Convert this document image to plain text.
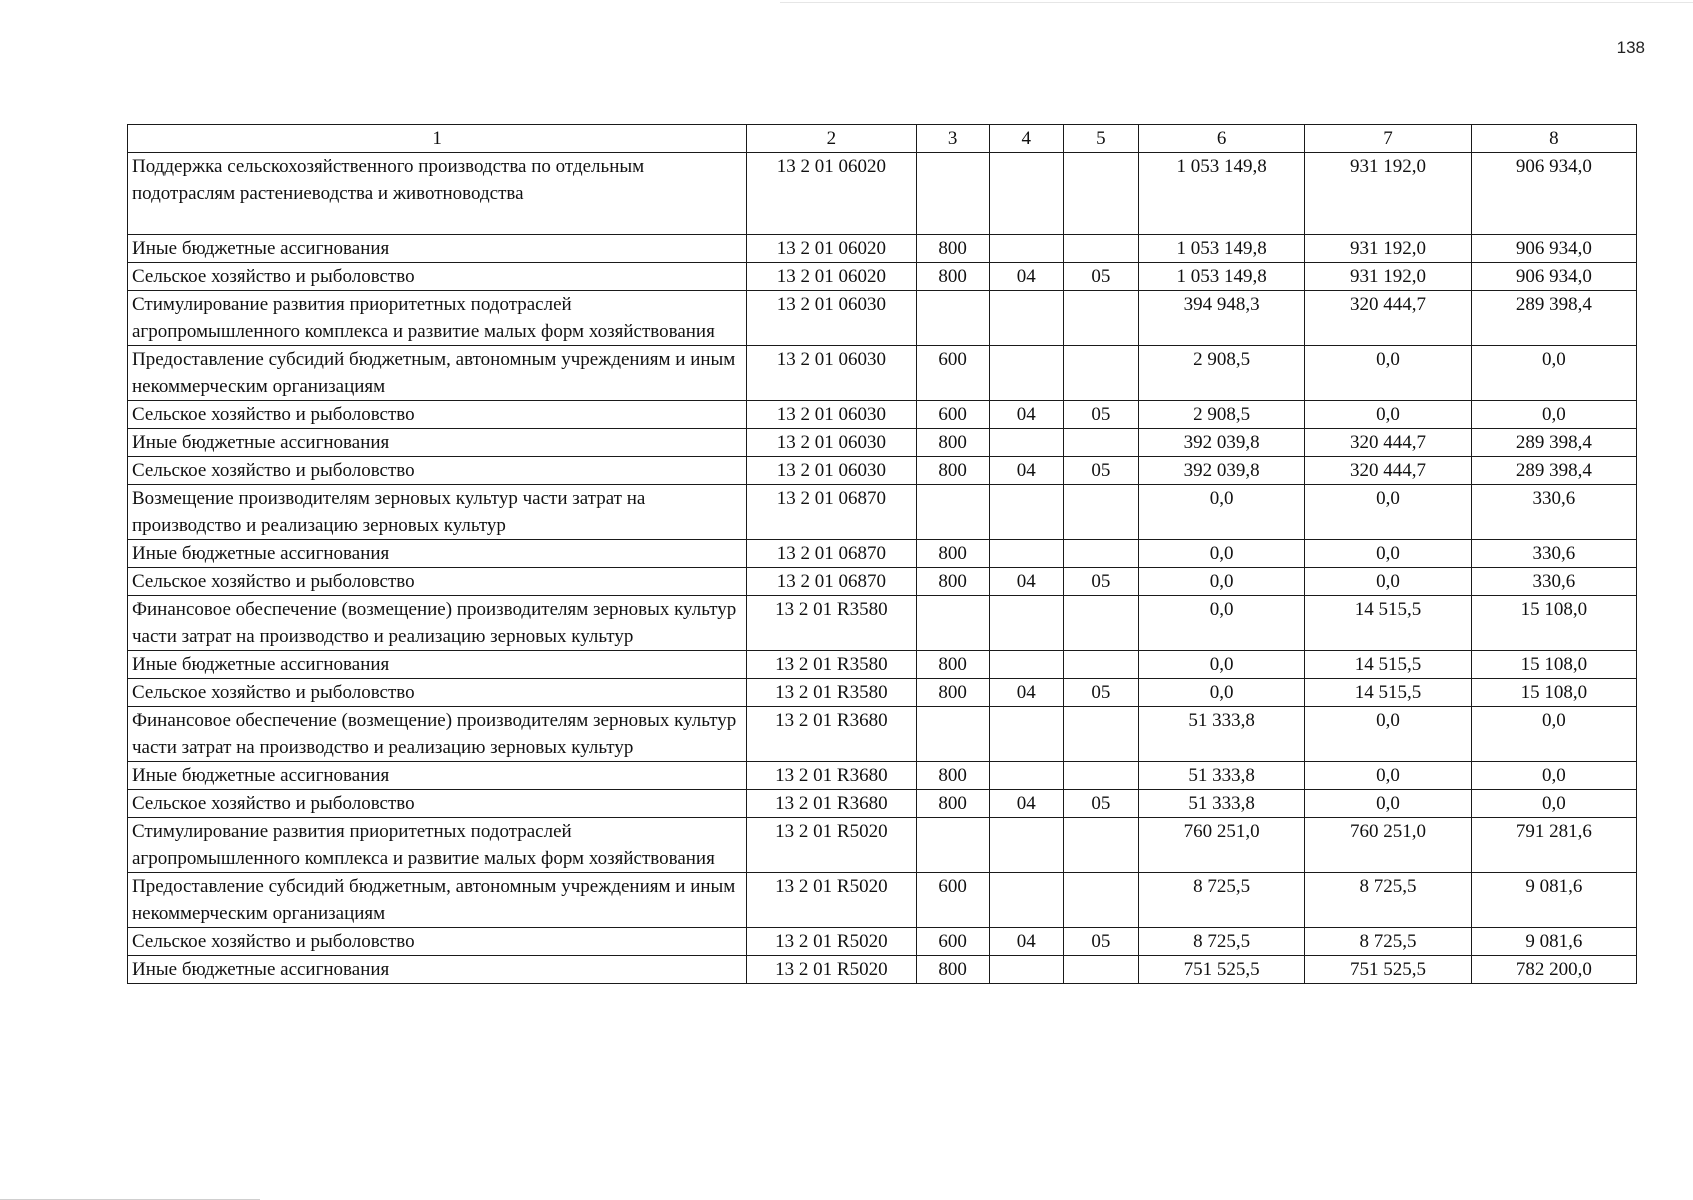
138
1	2	3	4	5	6	7	8
Поддержка сельскохозяйственного производства по отдельным подотраслям растениеводства и животноводства	13 2 01 06020				1 053 149,8	931 192,0	906 934,0
Иные бюджетные ассигнования	13 2 01 06020	800			1 053 149,8	931 192,0	906 934,0
Сельское хозяйство и рыболовство	13 2 01 06020	800	04	05	1 053 149,8	931 192,0	906 934,0
Стимулирование развития приоритетных подотраслей агропромышленного комплекса и развитие малых форм хозяйствования	13 2 01 06030				394 948,3	320 444,7	289 398,4
Предоставление субсидий бюджетным, автономным учреждениям и иным некоммерческим организациям	13 2 01 06030	600			2 908,5	0,0	0,0
Сельское хозяйство и рыболовство	13 2 01 06030	600	04	05	2 908,5	0,0	0,0
Иные бюджетные ассигнования	13 2 01 06030	800			392 039,8	320 444,7	289 398,4
Сельское хозяйство и рыболовство	13 2 01 06030	800	04	05	392 039,8	320 444,7	289 398,4
Возмещение производителям зерновых культур части затрат на производство и реализацию зерновых культур	13 2 01 06870				0,0	0,0	330,6
Иные бюджетные ассигнования	13 2 01 06870	800			0,0	0,0	330,6
Сельское хозяйство и рыболовство	13 2 01 06870	800	04	05	0,0	0,0	330,6
Финансовое обеспечение (возмещение) производителям зерновых культур части затрат на производство и реализацию зерновых культур	13 2 01 R3580				0,0	14 515,5	15 108,0
Иные бюджетные ассигнования	13 2 01 R3580	800			0,0	14 515,5	15 108,0
Сельское хозяйство и рыболовство	13 2 01 R3580	800	04	05	0,0	14 515,5	15 108,0
Финансовое обеспечение (возмещение) производителям зерновых культур части затрат на производство и реализацию зерновых культур	13 2 01 R3680				51 333,8	0,0	0,0
Иные бюджетные ассигнования	13 2 01 R3680	800			51 333,8	0,0	0,0
Сельское хозяйство и рыболовство	13 2 01 R3680	800	04	05	51 333,8	0,0	0,0
Стимулирование развития приоритетных подотраслей агропромышленного комплекса и развитие малых форм хозяйствования	13 2 01 R5020				760 251,0	760 251,0	791 281,6
Предоставление субсидий бюджетным, автономным учреждениям и иным некоммерческим организациям	13 2 01 R5020	600			8 725,5	8 725,5	9 081,6
Сельское хозяйство и рыболовство	13 2 01 R5020	600	04	05	8 725,5	8 725,5	9 081,6
Иные бюджетные ассигнования	13 2 01 R5020	800			751 525,5	751 525,5	782 200,0
